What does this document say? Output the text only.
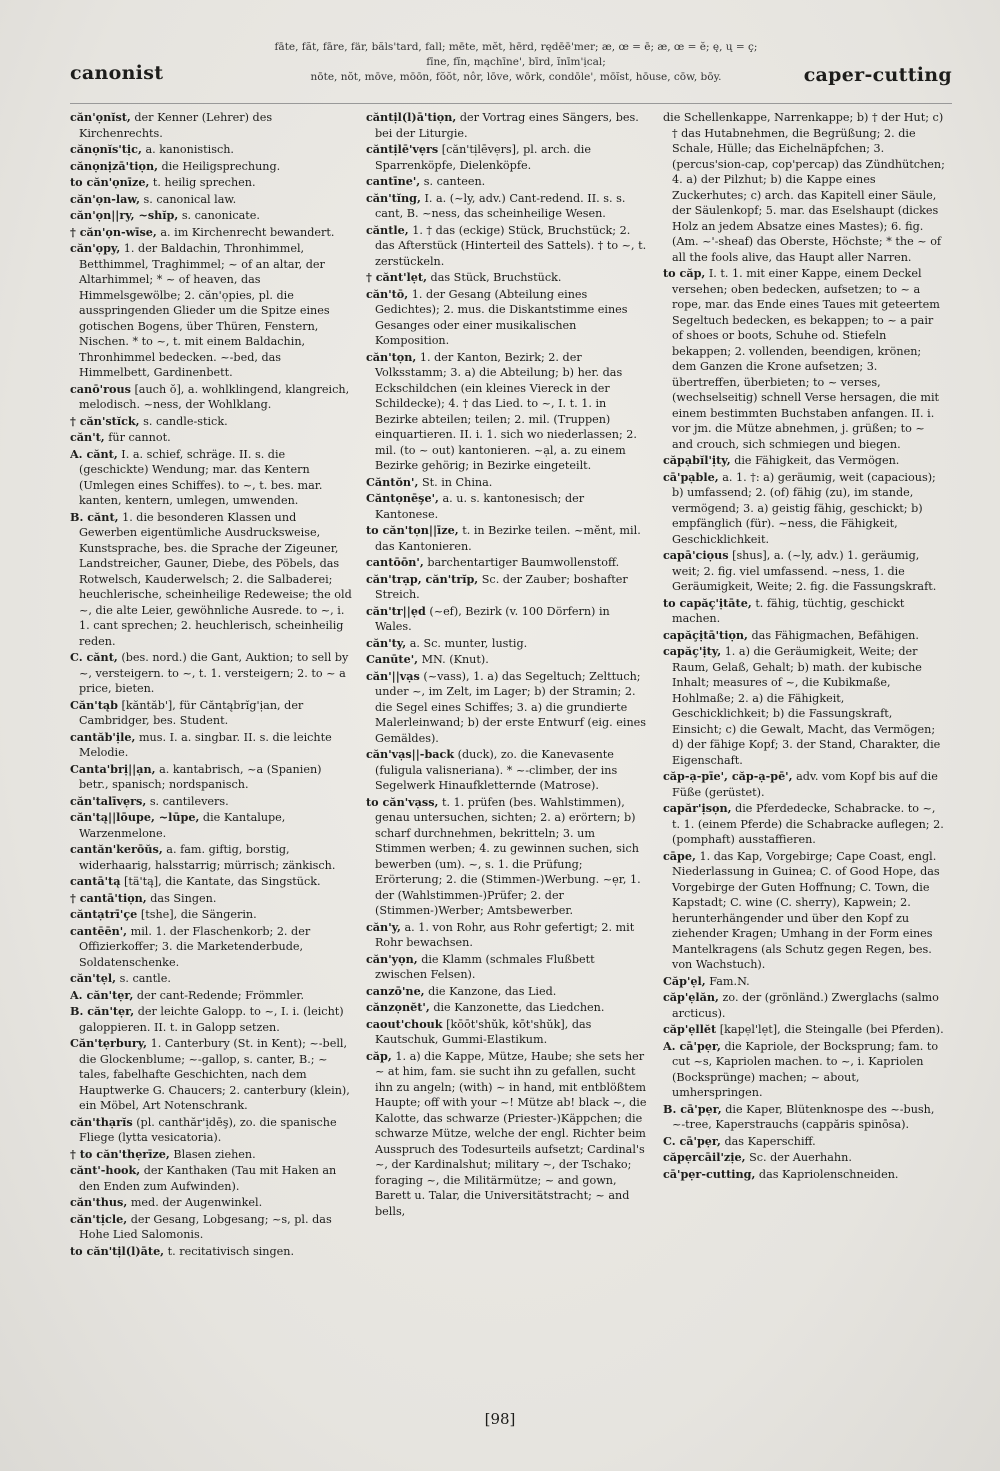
canonist
fāte, făt, fāre, fär, băls'tard, fall; mēte, mĕt, hērd, rędēē'mer; æ, œ = ē; æ, œ = ĕ; ę, ų = ç;
fīne, fĭn, mąchīne', bīrd, ĭnīm'ịcal;
nōte, nŏt, mōve, mōōn, fŏŏt, nôr, lōve, wōrk, condōle', mōĭst, hōuse, cōw, bōy.	caper-cutting

căn'ọnĭst, der Kenner (Lehrer) des Kirchenrechts.

cănọnĭs'tịc, a. kanonistisch.

cănọnịzā'tiọn, die Heiligsprechung.

to căn'ọnīze, t. heilig sprechen.

căn'ọn-law, s. canonical law.

căn'ọn||ry, ~shĭp, s. canonicate.

† căn'ọn-wīse, a. im Kirchenrecht bewandert.

căn'ọpy, 1. der Baldachin, Thronhimmel, Betthimmel, Traghimmel; ~ of an altar, der Altarhimmel; * ~ of heaven, das Himmelsgewölbe; 2. căn'ọpies, pl. die ausspringenden Glieder um die Spitze eines gotischen Bogens, über Thüren, Fenstern, Nischen. * to ~, t. mit einem Baldachin, Thronhimmel bedecken. ~-bed, das Himmelbett, Gardinenbett.

canō'rous [auch ŏ], a. wohlklingend, klangreich, melodisch. ~ness, der Wohlklang.

† căn'stĭck, s. candle-stick.

căn't, für cannot.

A. cănt, I. a. schief, schräge. II. s. die (geschickte) Wendung; mar. das Kentern (Umlegen eines Schiffes). to ~, t. bes. mar. kanten, kentern, umlegen, umwenden.

B. cănt, 1. die besonderen Klassen und Gewerben eigentümliche Ausdrucksweise, Kunstsprache, bes. die Sprache der Zigeuner, Landstreicher, Gauner, Diebe, des Pöbels, das Rotwelsch, Kauderwelsch; 2. die Salbaderei; heuchlerische, scheinheilige Redeweise; the old ~, die alte Leier, gewöhnliche Ausrede. to ~, i. 1. cant sprechen; 2. heuchlerisch, scheinheilig reden.

C. cănt, (bes. nord.) die Gant, Auktion; to sell by ~, versteigern. to ~, t. 1. versteigern; 2. to ~ a price, bieten.

Căn'tąb [kăntăb'], für Căntąbrĭg'ịan, der Cambridger, bes. Student.

cantăb'ịle, mus. I. a. singbar. II. s. die leichte Melodie.

Canta'brị||ạn, a. kantabrisch, ~a (Spanien) betr., spanisch; nordspanisch.

căn'talīvẹrs, s. cantilevers.

căn'tą||lōupe, ~lūpe, die Kantalupe, Warzenmelone.

cantăn'kerōŭs, a. fam. giftig, borstig, widerhaarig, halsstarrig; mürrisch; zänkisch.

cantā'tą [tä'tą], die Kantate, das Singstück.

† cantā'tiọn, das Singen.

căntạtrī'çe [tshe], die Sängerin.

cantēēn', mil. 1. der Flaschenkorb; 2. der Offizierkoffer; 3. die Marketenderbude, Soldatenschenke.

căn'tẹl, s. cantle.

A. căn'tẹr, der cant-Redende; Frömmler.

B. căn'tẹr, der leichte Galopp. to ~, I. i. (leicht) galoppieren. II. t. in Galopp setzen.

Căn'tẹrbury, 1. Canterbury (St. in Kent); ~-bell, die Glockenblume; ~-gallop, s. canter, B.; ~ tales, fabelhafte Geschichten, nach dem Hauptwerke G. Chaucers; 2. canterbury (klein), ein Möbel, Art Notenschrank.

căn'thạrĭs (pl. canthăr'ịdēş), zo. die spanische Fliege (lytta vesicatoria).

† to căn'thẹrīze, Blasen ziehen.

cănt'-hook, der Kanthaken (Tau mit Haken an den Enden zum Aufwinden).

căn'thus, med. der Augenwinkel.

căn'tịcle, der Gesang, Lobgesang; ~s, pl. das Hohe Lied Salomonis.

to căn'tịl(l)āte, t. recitativisch singen.

căntịl(l)ā'tiọn, der Vortrag eines Sängers, bes. bei der Liturgie.

căntịlē'vẹrs [căn'tịlēvẹrs], pl. arch. die Sparrenköpfe, Dielenköpfe.

cantīne', s. canteen.

căn'tĭng, I. a. (~ly, adv.) Cant-redend. II. s. s. cant, B. ~ness, das scheinheilige Wesen.

căntle, 1. † das (eckige) Stück, Bruchstück; 2. das Afterstück (Hinterteil des Sattels). † to ~, t. zerstückeln.

† cănt'lẹt, das Stück, Bruchstück.

căn'tō, 1. der Gesang (Abteilung eines Gedichtes); 2. mus. die Diskantstimme eines Gesanges oder einer musikalischen Komposition.

căn'tọn, 1. der Kanton, Bezirk; 2. der Volksstamm; 3. a) die Abteilung; b) her. das Eckschildchen (ein kleines Viereck in der Schildecke); 4. † das Lied. to ~, I. t. 1. in Bezirke abteilen; teilen; 2. mil. (Truppen) einquartieren. II. i. 1. sich wo niederlassen; 2. mil. (to ~ out) kantonieren. ~ạl, a. zu einem Bezirke gehörig; in Bezirke eingeteilt.

Căntŏn', St. in China.

Căntọnēşe', a. u. s. kantonesisch; der Kantonese.

to căn'tọn||īze, t. in Bezirke teilen. ~mĕnt, mil. das Kantonieren.

cantōōn', barchentartiger Baumwollenstoff.

căn'trạp, căn'trĭp, Sc. der Zauber; boshafter Streich.

căn'tr||ẹd (~ef), Bezirk (v. 100 Dörfern) in Wales.

căn'ty, a. Sc. munter, lustig.

Canūte', MN. (Knut).

căn'||vạs (~vass), 1. a) das Segeltuch; Zelttuch; under ~, im Zelt, im Lager; b) der Stramin; 2. die Segel eines Schiffes; 3. a) die grundierte Malerleinwand; b) der erste Entwurf (eig. eines Gemäldes).

căn'vạs||-back (duck), zo. die Kanevasente (fuligula valisneriana). * ~-climber, der ins Segelwerk Hinaufkletternde (Matrose).

to căn'vạss, t. 1. prüfen (bes. Wahlstimmen), genau untersuchen, sichten; 2. a) erörtern; b) scharf durchnehmen, bekritteln; 3. um Stimmen werben; 4. zu gewinnen suchen, sich bewerben (um). ~, s. 1. die Prüfung; Erörterung; 2. die (Stimmen-)Werbung. ~ẹr, 1. der (Wahlstimmen-)Prüfer; 2. der (Stimmen-)Werber; Amtsbewerber.

căn'y, a. 1. von Rohr, aus Rohr gefertigt; 2. mit Rohr bewachsen.

căn'yọn, die Klamm (schmales Flußbett zwischen Felsen).

canzō'ne, die Kanzone, das Lied.

cănzọnĕt', die Kanzonette, das Liedchen.

caout'chouk [kōōt'shŭk, kōt'shŭk], das Kautschuk, Gummi-Elastikum.

căp, 1. a) die Kappe, Mütze, Haube; she sets her ~ at him, fam. sie sucht ihn zu gefallen, sucht ihn zu angeln; (with) ~ in hand, mit entblößtem Haupte; off with your ~! Mütze ab! black ~, die Kalotte, das schwarze (Priester-)Käppchen; die schwarze Mütze, welche der engl. Richter beim Ausspruch des Todesurteils aufsetzt; Cardinal's ~, der Kardinalshut; military ~, der Tschako; foraging ~, die Militärmütze; ~ and gown, Barett u. Talar, die Universitätstracht; ~ and bells,

die Schellenkappe, Narrenkappe; b) † der Hut; c) † das Hutabnehmen, die Begrüßung; 2. die Schale, Hülle; das Eichelnäpfchen; 3. (percus'sion-cap, cop'percap) das Zündhütchen; 4. a) der Pilzhut; b) die Kappe eines Zuckerhutes; c) arch. das Kapitell einer Säule, der Säulenkopf; 5. mar. das Eselshaupt (dickes Holz an jedem Absatze eines Mastes); 6. fig. (Am. ~'-sheaf) das Oberste, Höchste; * the ~ of all the fools alive, das Haupt aller Narren.

to căp, I. t. 1. mit einer Kappe, einem Deckel versehen; oben bedecken, aufsetzen; to ~ a rope, mar. das Ende eines Taues mit geteertem Segeltuch bedecken, es bekappen; to ~ a pair of shoes or boots, Schuhe od. Stiefeln bekappen; 2. vollenden, beendigen, krönen; dem Ganzen die Krone aufsetzen; 3. übertreffen, überbieten; to ~ verses, (wechselseitig) schnell Verse hersagen, die mit einem bestimmten Buchstaben anfangen. II. i. vor jm. die Mütze abnehmen, j. grüßen; to ~ and crouch, sich schmiegen und biegen.

căpạbĭl'ịty, die Fähigkeit, das Vermögen.

cā'pạble, a. 1. †: a) geräumig, weit (capacious); b) umfassend; 2. (of) fähig (zu), im stande, vermögend; 3. a) geistig fähig, geschickt; b) empfänglich (für). ~ness, die Fähigkeit, Geschicklichkeit.

capā'ciọus [shus], a. (~ly, adv.) 1. geräumig, weit; 2. fig. viel umfassend. ~ness, 1. die Geräumigkeit, Weite; 2. fig. die Fassungskraft.

to capăç'ịtāte, t. fähig, tüchtig, geschickt machen.

capăçịtā'tiọn, das Fähigmachen, Befähigen.

capăç'ịty, 1. a) die Geräumigkeit, Weite; der Raum, Gelaß, Gehalt; b) math. der kubische Inhalt; measures of ~, die Kubikmaße, Hohlmaße; 2. a) die Fähigkeit, Geschicklichkeit; b) die Fassungskraft, Einsicht; c) die Gewalt, Macht, das Vermögen; d) der fähige Kopf; 3. der Stand, Charakter, die Eigenschaft.

căp-ạ-pīe', căp-ạ-pē', adv. vom Kopf bis auf die Füße (gerüstet).

capăr'ịsọn, die Pferdedecke, Schabracke. to ~, t. 1. (einem Pferde) die Schabracke auflegen; 2. (pomphaft) ausstaffieren.

cāpe, 1. das Kap, Vorgebirge; Cape Coast, engl. Niederlassung in Guinea; C. of Good Hope, das Vorgebirge der Guten Hoffnung; C. Town, die Kapstadt; C. wine (C. sherry), Kapwein; 2. herunterhängender und über den Kopf zu ziehender Kragen; Umhang in der Form eines Mantelkragens (als Schutz gegen Regen, bes. von Wachstuch).

Căp'ẹl, Fam.N.

căp'ẹlăn, zo. der (grönländ.) Zwerglachs (salmo arcticus).

căp'ẹllĕt [kapẹl'lẹt], die Steingalle (bei Pferden).

A. cā'pẹr, die Kapriole, der Bocksprung; fam. to cut ~s, Kapriolen machen. to ~, i. Kapriolen (Bocksprünge) machen; ~ about, umherspringen.

B. cā'pẹr, die Kaper, Blütenknospe des ~-bush, ~-tree, Kaperstrauchs (cappăris spinōsa).

C. cā'pẹr, das Kaperschiff.

căpẹrcāil'zịe, Sc. der Auerhahn.

cā'pẹr-cutting, das Kapriolenschneiden.

[98]
